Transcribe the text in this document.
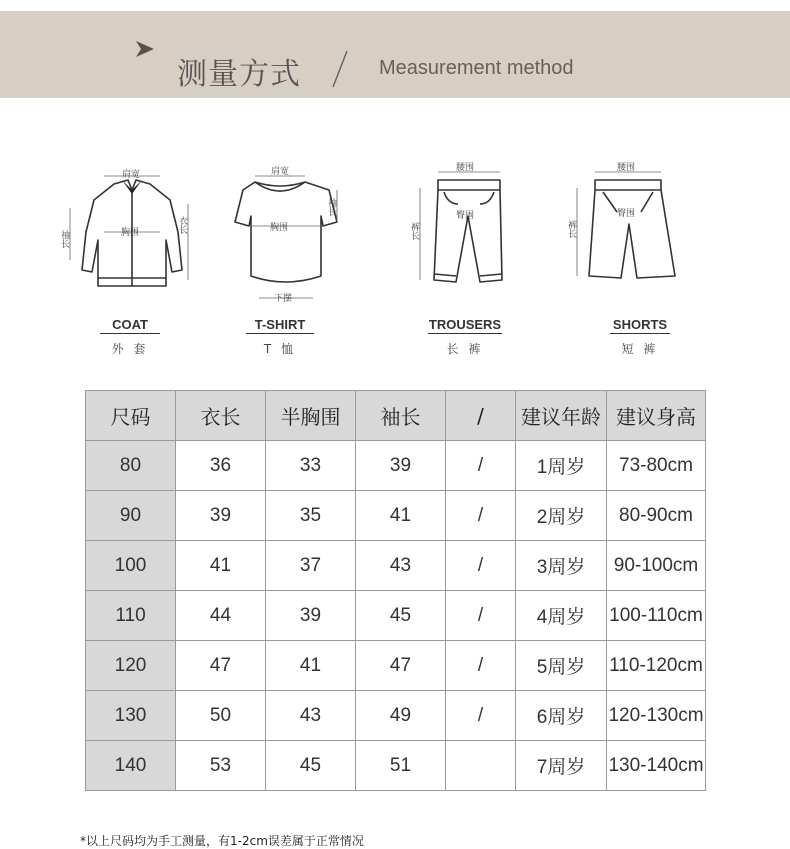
测量方式	Measurement method
肩宽
袖长	胸围	衣长
COAT
外 套
肩宽
袖长
胸围
下摆
T-SHIRT
T 恤
腰围
臀围
裤长
TROUSERS
长 裤
腰围
臀围
裤长
SHORTS
短 裤
尺码	衣长	半胸围	袖长	/	建议年龄	建议身高
80	36	33	39	/	1周岁	73-80cm
90	39	35	41	/	2周岁	80-90cm
100	41	37	43	/	3周岁	90-100cm
110	44	39	45	/	4周岁	100-110cm
120	47	41	47	/	5周岁	110-120cm
130	50	43	49	/	6周岁	120-130cm
140	53	45	51		7周岁	130-140cm
*以上尺码均为手工测量，有1-2cm误差属于正常情况
